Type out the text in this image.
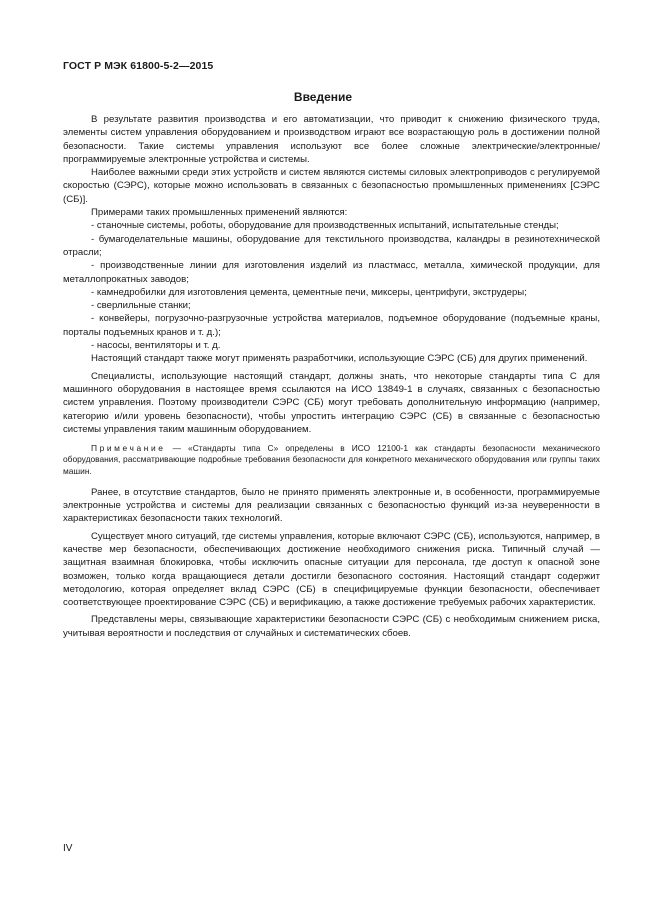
ГОСТ Р МЭК 61800-5-2—2015
Введение

В результате развития производства и его автоматизации, что приводит к снижению физического труда, элементы систем управления оборудованием и производством играют все возрастающую роль в достижении полной безопасности. Такие системы управления используют все более сложные электрические/электронные/программируемые электронные устройства и системы.

Наиболее важными среди этих устройств и систем являются системы силовых электроприводов с регулируемой скоростью (СЭРС), которые можно использовать в связанных с безопасностью промышленных применениях [СЭРС (СБ)].

Примерами таких промышленных применений являются:

- станочные системы, роботы, оборудование для производственных испытаний, испытательные стенды;
- бумагоделательные машины, оборудование для текстильного производства, каландры в резинотехнической отрасли;
- производственные линии для изготовления изделий из пластмасс, металла, химической продукции, для металлопрокатных заводов;
- камнедробилки для изготовления цемента, цементные печи, миксеры, центрифуги, экструдеры;
- сверлильные станки;
- конвейеры, погрузочно-разгрузочные устройства материалов, подъемное оборудование (подъемные краны, порталы подъемных кранов и т. д.);
- насосы, вентиляторы и т. д.

Настоящий стандарт также могут применять разработчики, использующие СЭРС (СБ) для других применений.

Специалисты, использующие настоящий стандарт, должны знать, что некоторые стандарты типа С для машинного оборудования в настоящее время ссылаются на ИСО 13849-1 в случаях, связанных с безопасностью систем управления. Поэтому производители СЭРС (СБ) могут требовать дополнительную информацию (например, категорию и/или уровень безопасности), чтобы упростить интеграцию СЭРС (СБ) в связанные с безопасностью системы управления таким машинным оборудованием.

Примечание — «Стандарты типа С» определены в ИСО 12100-1 как стандарты безопасности механического оборудования, рассматривающие подробные требования безопасности для конкретного механического оборудования или группы таких машин.

Ранее, в отсутствие стандартов, было не принято применять электронные и, в особенности, программируемые электронные устройства и системы для реализации связанных с безопасностью функций из-за неуверенности в характеристиках безопасности таких технологий.

Существует много ситуаций, где системы управления, которые включают СЭРС (СБ), используются, например, в качестве мер безопасности, обеспечивающих достижение необходимого снижения риска. Типичный случай — защитная взаимная блокировка, чтобы исключить опасные ситуации для персонала, где доступ к опасной зоне возможен, только когда вращающиеся детали достигли безопасного состояния. Настоящий стандарт содержит методологию, которая определяет вклад СЭРС (СБ) в специфицируемые функции безопасности, обеспечивает соответствующее проектирование СЭРС (СБ) и верификацию, а также достижение требуемых рабочих характеристик.

Представлены меры, связывающие характеристики безопасности СЭРС (СБ) с необходимым снижением риска, учитывая вероятности и последствия от случайных и систематических сбоев.

IV
